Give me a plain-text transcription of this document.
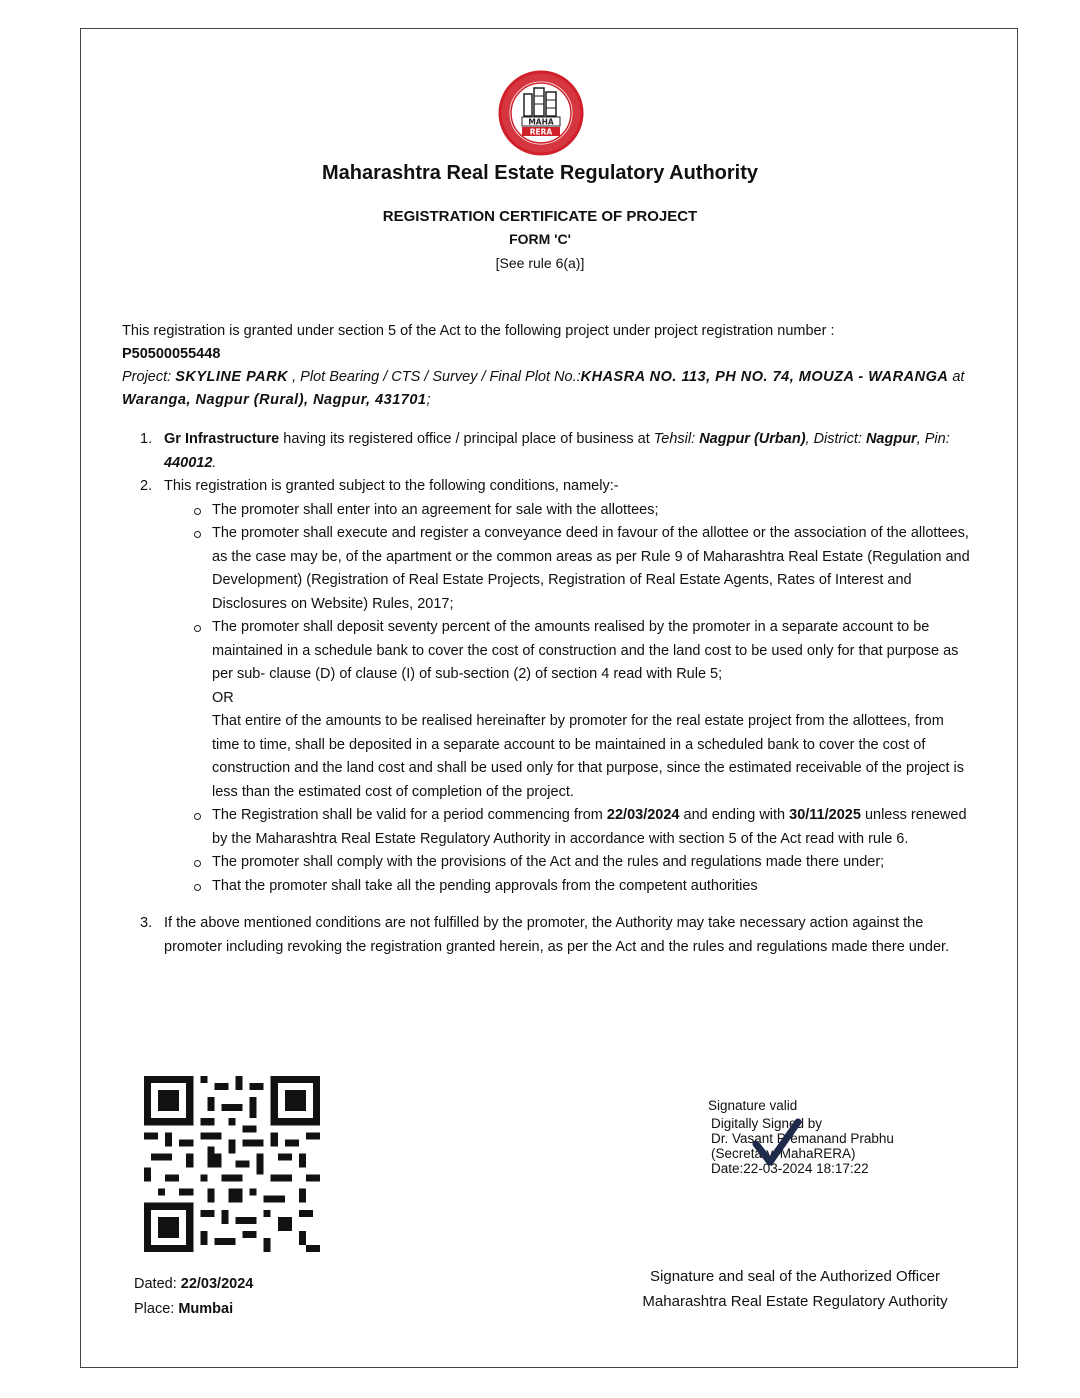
MAHA
RERA
Maharashtra Real Estate Regulatory Authority
REGISTRATION CERTIFICATE OF PROJECT
FORM 'C'
[See rule 6(a)]
This registration is granted under section 5 of the Act to the following project under project registration number :
P50500055448
Project: SKYLINE PARK , Plot Bearing / CTS / Survey / Final Plot No.:KHASRA NO. 113, PH NO. 74, MOUZA - WARANGA at Waranga, Nagpur (Rural), Nagpur, 431701;
1. Gr Infrastructure having its registered office / principal place of business at Tehsil: Nagpur (Urban), District: Nagpur, Pin: 440012.
2. This registration is granted subject to the following conditions, namely:-
The promoter shall enter into an agreement for sale with the allottees;
The promoter shall execute and register a conveyance deed in favour of the allottee or the association of the allottees, as the case may be, of the apartment or the common areas as per Rule 9 of Maharashtra Real Estate (Regulation and Development) (Registration of Real Estate Projects, Registration of Real Estate Agents, Rates of Interest and Disclosures on Website) Rules, 2017;
The promoter shall deposit seventy percent of the amounts realised by the promoter in a separate account to be maintained in a schedule bank to cover the cost of construction and the land cost to be used only for that purpose as per sub- clause (D) of clause (I) of sub-section (2) of section 4 read with Rule 5;
OR
That entire of the amounts to be realised hereinafter by promoter for the real estate project from the allottees, from time to time, shall be deposited in a separate account to be maintained in a scheduled bank to cover the cost of construction and the land cost and shall be used only for that purpose, since the estimated receivable of the project is less than the estimated cost of completion of the project.
The Registration shall be valid for a period commencing from 22/03/2024 and ending with 30/11/2025 unless renewed by the Maharashtra Real Estate Regulatory Authority in accordance with section 5 of the Act read with rule 6.
The promoter shall comply with the provisions of the Act and the rules and regulations made there under;
That the promoter shall take all the pending approvals from the competent authorities
3. If the above mentioned conditions are not fulfilled by the promoter, the Authority may take necessary action against the promoter including revoking the registration granted herein, as per the Act and the rules and regulations made there under.
Dated: 22/03/2024
Place: Mumbai
Signature valid
Digitally Signed by
Dr. Vasant Premanand Prabhu
(Secretary, MahaRERA)
Date:22-03-2024 18:17:22
Signature and seal of the Authorized Officer
Maharashtra Real Estate Regulatory Authority
